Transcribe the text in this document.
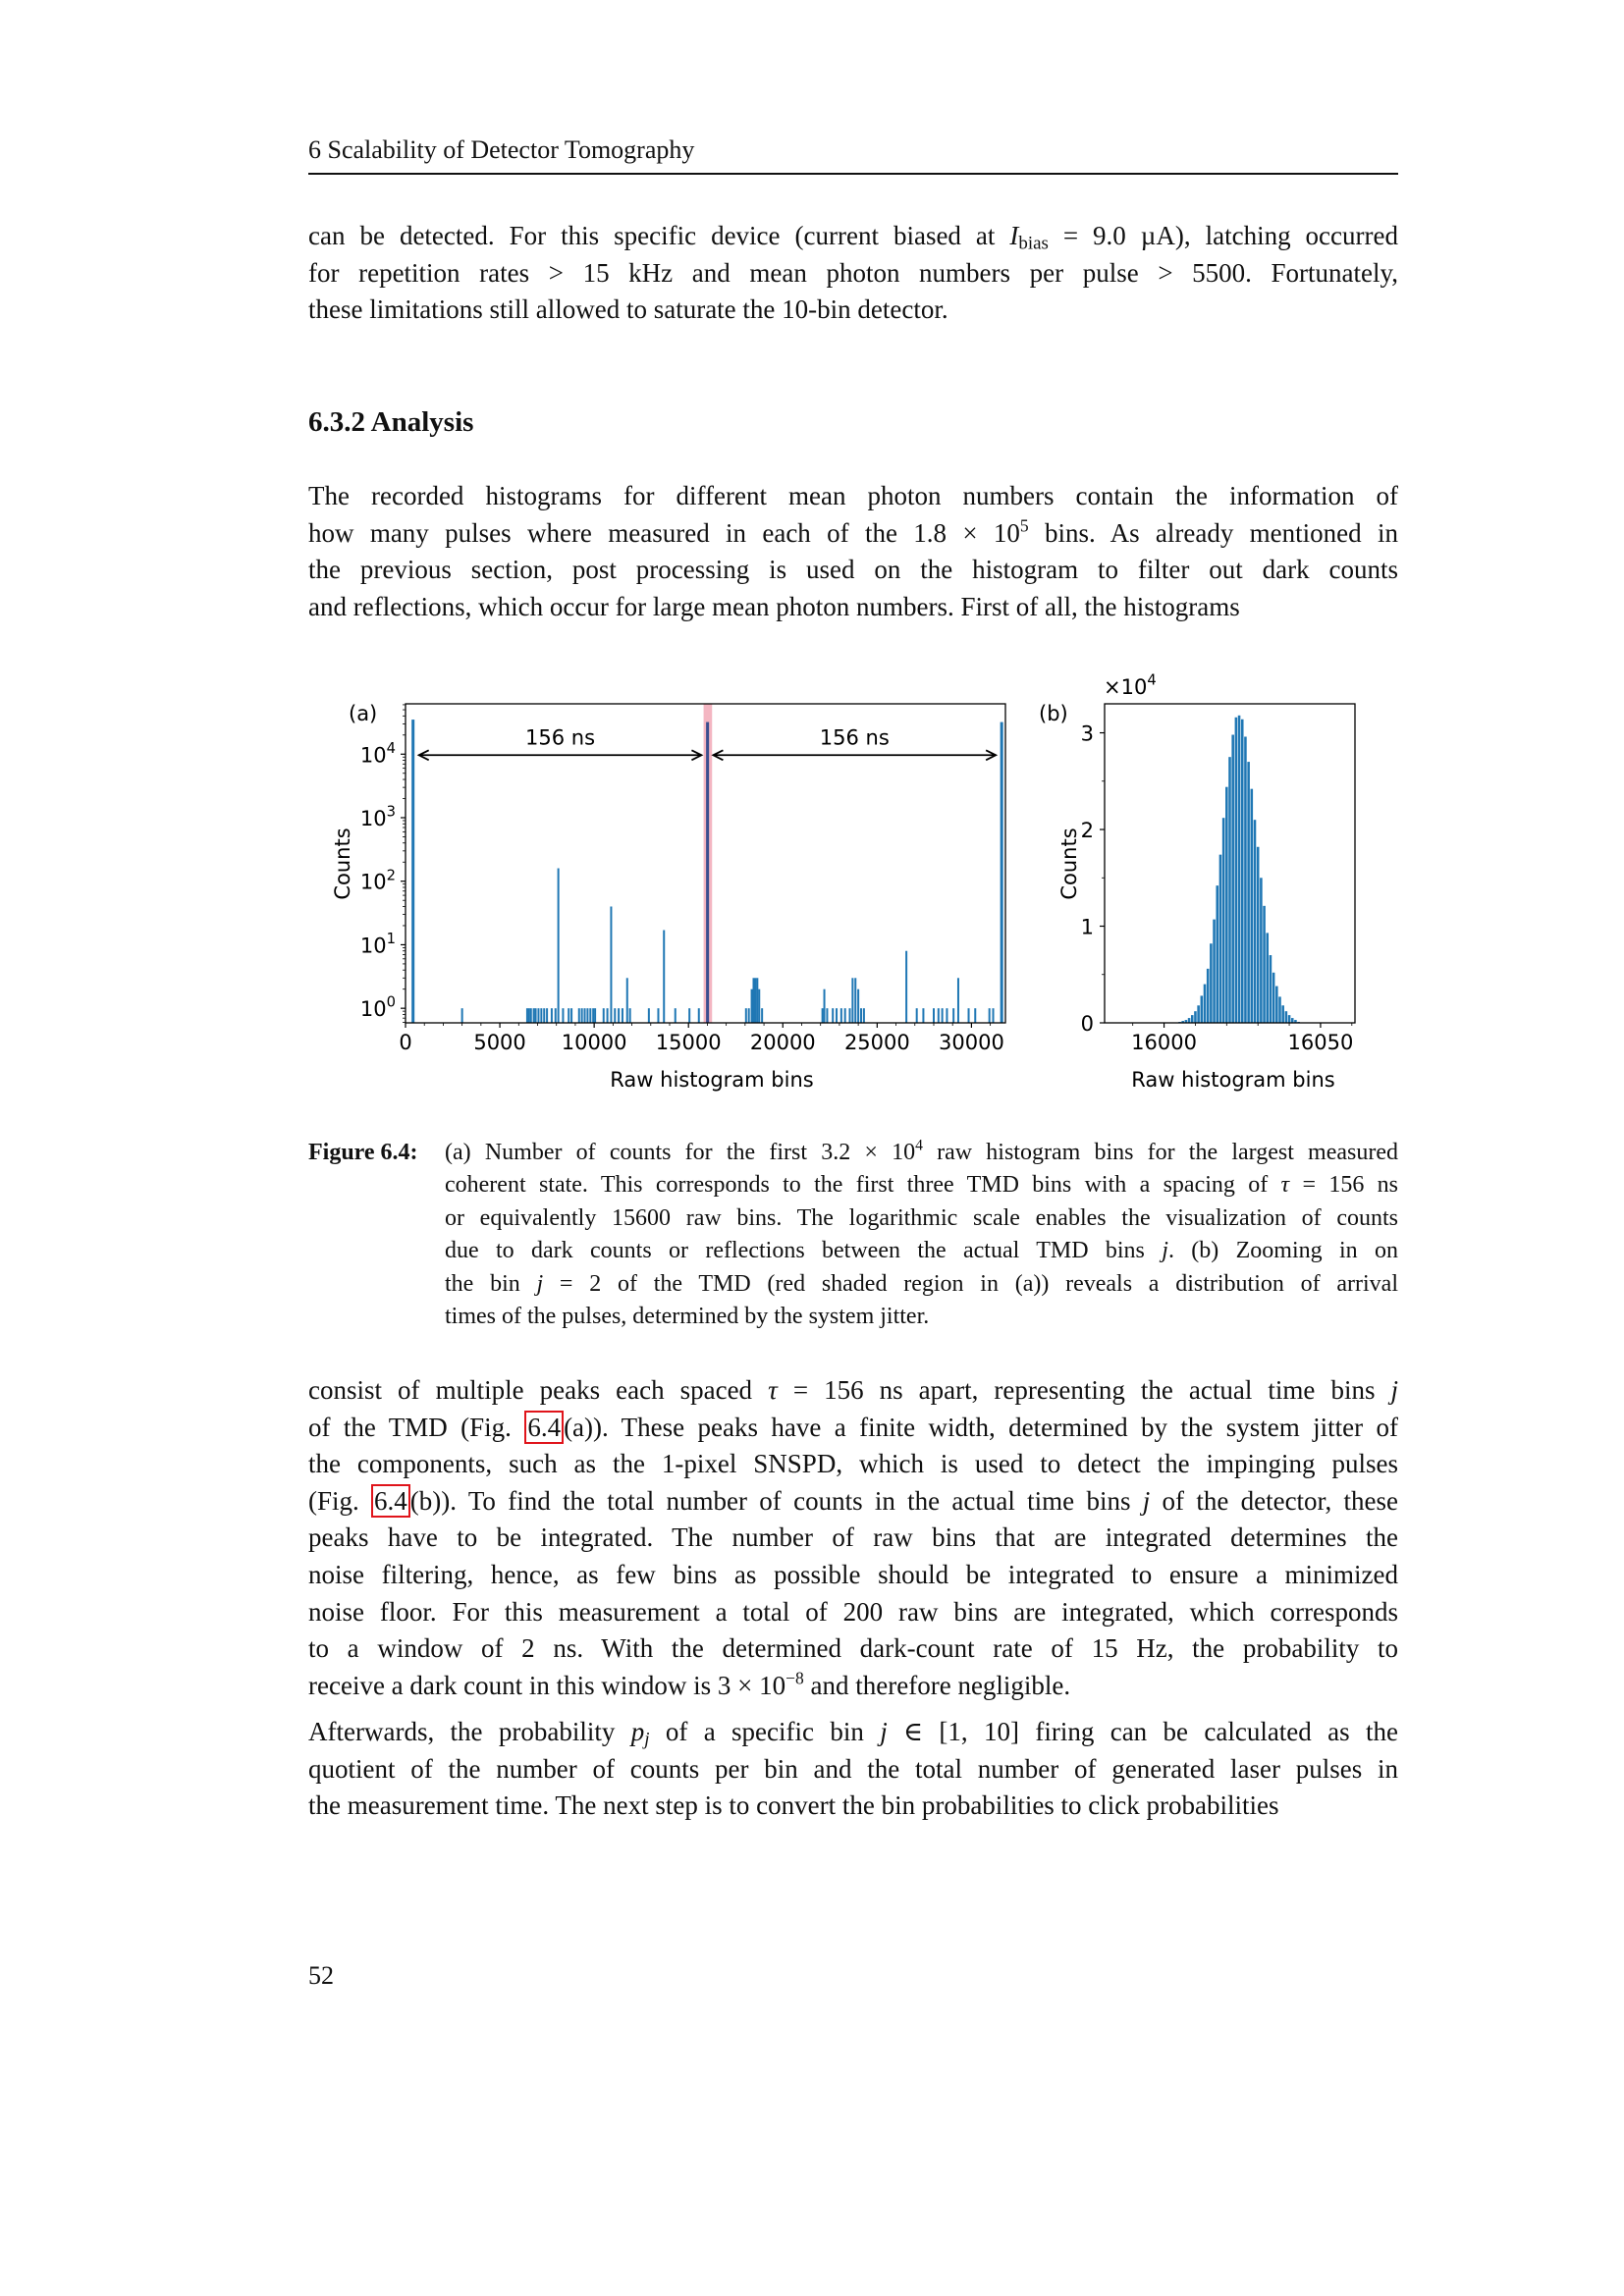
6 Scalability of Detector Tomography
can be detected. For this specific device (current biased at $I_{bias} = 9.0$ µA), latching occurred
for repetition rates > 15 kHz and mean photon numbers per pulse > 5500. Fortunately,
these limitations still allowed to saturate the 10-bin detector.
6.3.2 Analysis
The recorded histograms for different mean photon numbers contain the information of
how many pulses where measured in each of the $1.8 \times 10^5$ bins. As already mentioned in
the previous section, post processing is used on the histogram to filter out dark counts
and reflections, which occur for large mean photon numbers. First of all, the histograms
$10^0$
$10^1$
$10^2$
$10^3$
$10^4$
0	5000 10000 15000 20000 25000 30000
Raw histogram bins
Counts
(a)
156 ns	156 ns
0
1
2
3
16000	16050
$\times 10^4$
Raw histogram bins
Counts
(b)
Figure 6.4: (a) Number of counts for the first $3.2 \times 10^4$ raw histogram bins for the largest measured
coherent state. This corresponds to the first three TMD bins with a spacing of τ = 156 ns
or equivalently 15600 raw bins. The logarithmic scale enables the visualization of counts
due to dark counts or reflections between the actual TMD bins j. (b) Zooming in on
the bin j = 2 of the TMD (red shaded region in (a)) reveals a distribution of arrival
times of the pulses, determined by the system jitter.
consist of multiple peaks each spaced τ = 156 ns apart, representing the actual time bins j
of the TMD (Fig. 6.4 (a)). These peaks have a finite width, determined by the system jitter of
the components, such as the 1-pixel SNSPD, which is used to detect the impinging pulses
(Fig. 6.4 (b)). To find the total number of counts in the actual time bins j of the detector, these
peaks have to be integrated. The number of raw bins that are integrated determines the
noise filtering, hence, as few bins as possible should be integrated to ensure a minimized
noise floor. For this measurement a total of 200 raw bins are integrated, which corresponds
to a window of 2 ns. With the determined dark-count rate of 15 Hz, the probability to
receive a dark count in this window is $3 \times 10^{-8}$ and therefore negligible.
Afterwards, the probability $p_j$ of a specific bin j ∈ [1, 10] firing can be calculated as the
quotient of the number of counts per bin and the total number of generated laser pulses in
the measurement time. The next step is to convert the bin probabilities to click probabilities
52
